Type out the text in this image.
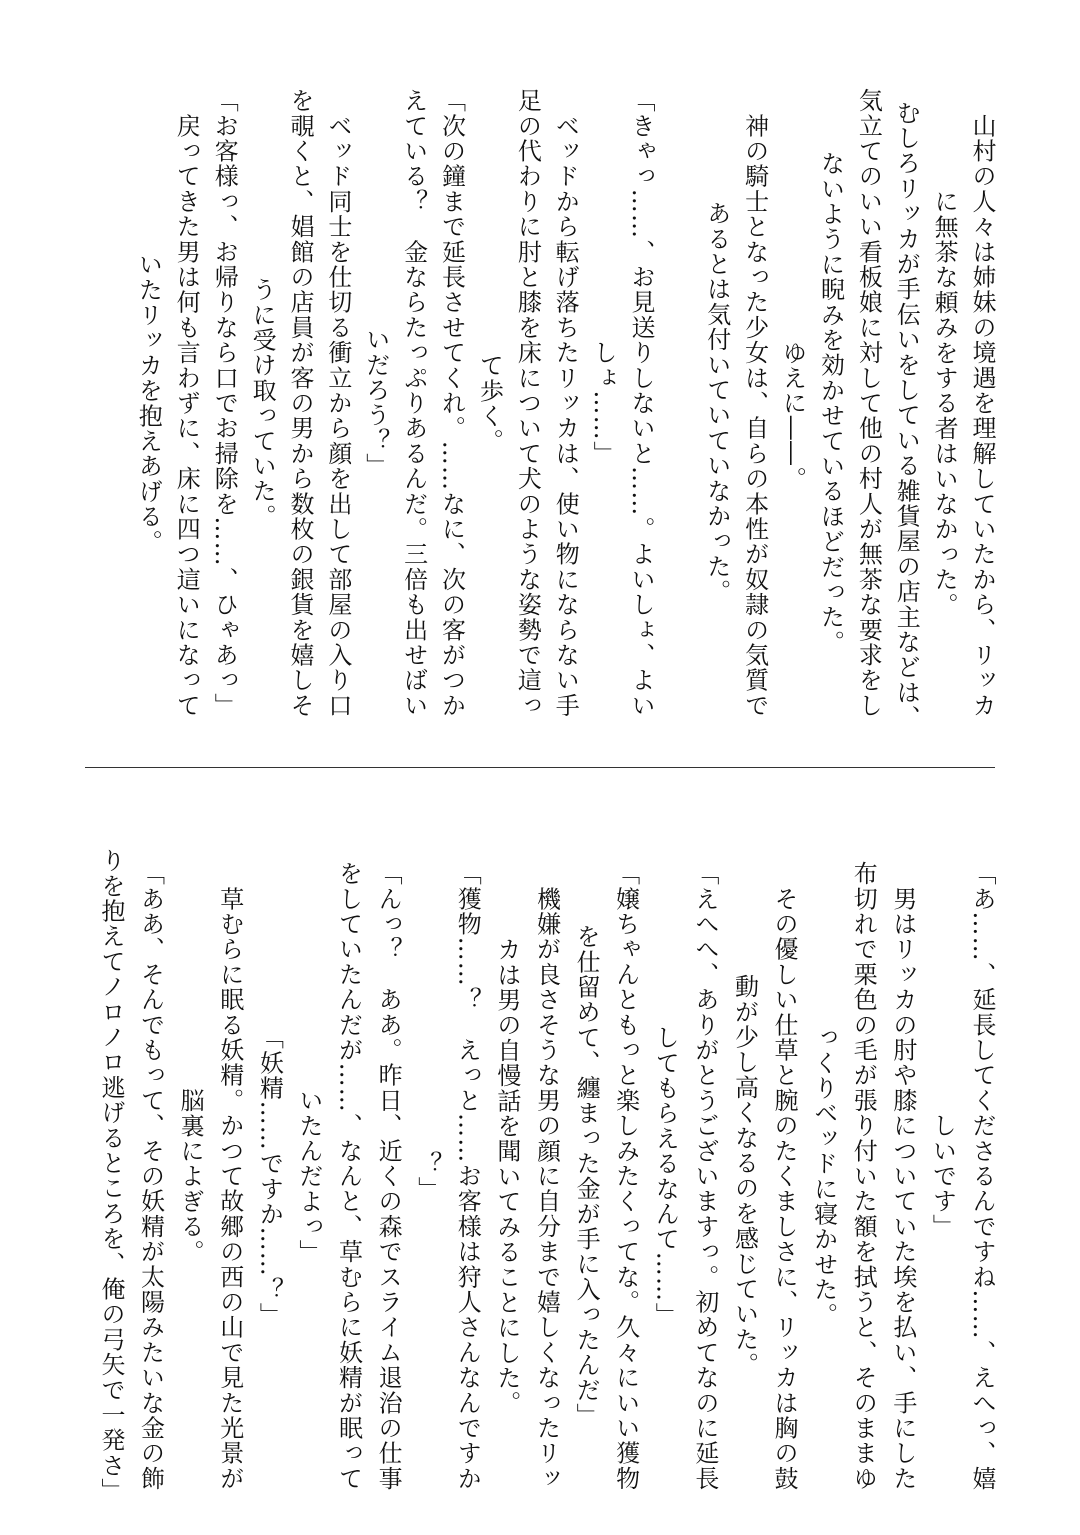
　山村の人々は姉妹の境遇を理解していたから、リッカ
に無茶な頼みをする者はいなかった。
　むしろリッカが手伝いをしている雑貨屋の店主などは、
気立てのいい看板娘に対して他の村人が無茶な要求をし
ないように睨みを効かせているほどだった。
　ゆえに――。
　神の騎士となった少女は、自らの本性が奴隷の気質で
あるとは気付いていていなかった。
「きゃっ……、お見送りしないと……。よいしょ、よい
しょ……」
　ベッドから転げ落ちたリッカは、使い物にならない手
足の代わりに肘と膝を床について犬のような姿勢で這っ
て歩く。
「次の鐘まで延長させてくれ。……なに、次の客がつか
えている？　金ならたっぷりあるんだ。三倍も出せばい
いだろう？」
　ベッド同士を仕切る衝立から顔を出して部屋の入り口
を覗くと、娼館の店員が客の男から数枚の銀貨を嬉しそ
うに受け取っていた。
「お客様っ、お帰りなら口でお掃除を……、ひゃあっ」
　戻ってきた男は何も言わずに、床に四つ這いになって
いたリッカを抱えあげる。
「あ……、延長してくださるんですね……、えへっ、嬉
しいです」
　男はリッカの肘や膝についていた埃を払い、手にした
布切れで栗色の毛が張り付いた額を拭うと、そのままゆ
っくりベッドに寝かせた。
　その優しい仕草と腕のたくましさに、リッカは胸の鼓
動が少し高くなるのを感じていた。
「えへへ、ありがとうございますっ。初めてなのに延長
してもらえるなんて……」
「嬢ちゃんともっと楽しみたくってな。久々にいい獲物
を仕留めて、纏まった金が手に入ったんだ」
　機嫌が良さそうな男の顔に自分まで嬉しくなったリッ
カは男の自慢話を聞いてみることにした。
「獲物……？　えっと……お客様は狩人さんなんですか
？」
「んっ？　ああ。昨日、近くの森でスライム退治の仕事
をしていたんだが……、なんと、草むらに妖精が眠って
いたんだよっ」
「妖精……ですか……？」
　草むらに眠る妖精。かつて故郷の西の山で見た光景が
脳裏によぎる。
「ああ、そんでもって、その妖精が太陽みたいな金の飾
りを抱えてノロノロ逃げるところを、俺の弓矢で一発さ」
